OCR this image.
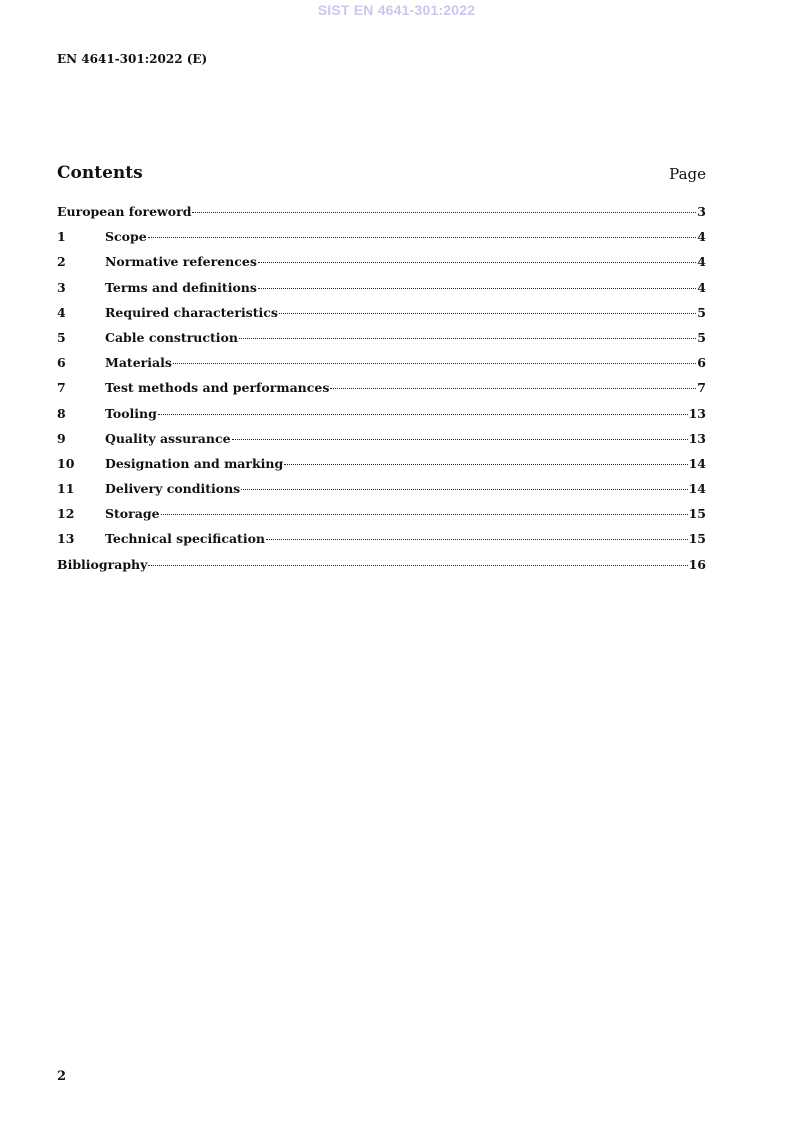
SIST EN 4641-301:2022
EN 4641-301:2022 (E)
Contents	Page
European foreword	3
1	Scope	4
2	Normative references	4
3	Terms and definitions	4
4	Required characteristics	5
5	Cable construction	5
6	Materials	6
7	Test methods and performances	7
8	Tooling	13
9	Quality assurance	13
10	Designation and marking	14
11	Delivery conditions	14
12	Storage	15
13	Technical specification	15
Bibliography	16
2
